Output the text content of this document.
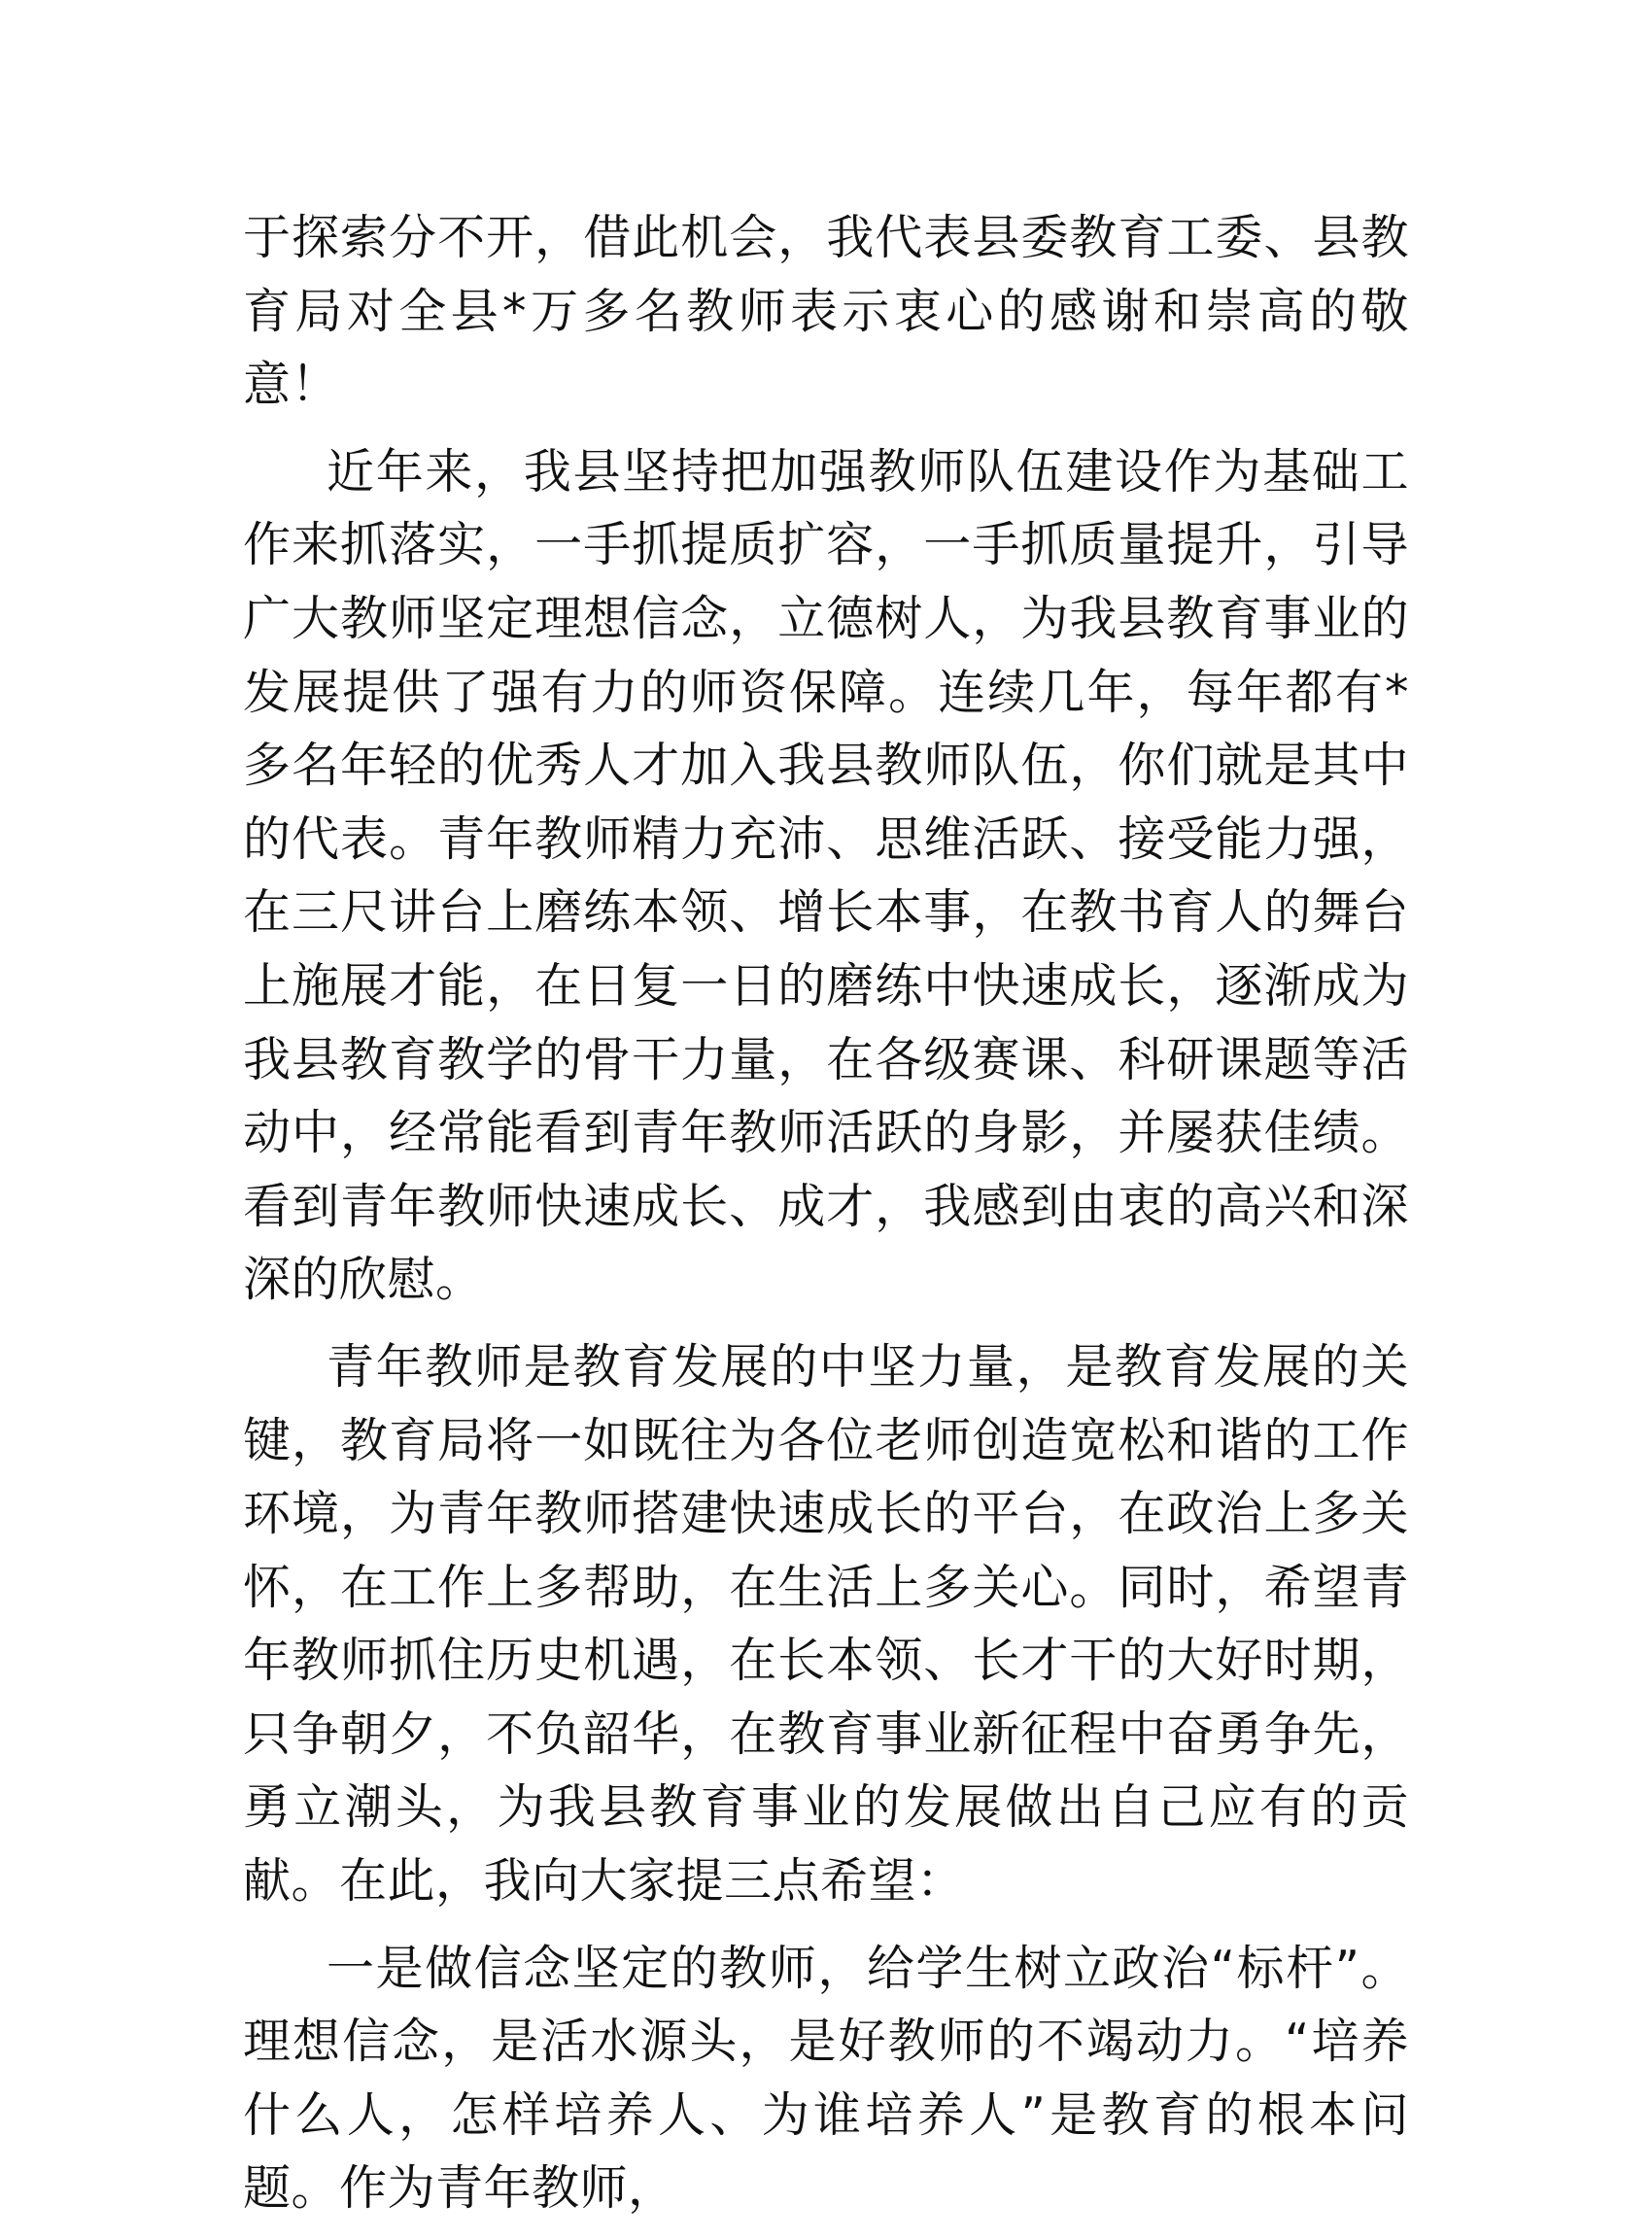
于探索分不开，借此机会，我代表县委教育工委、县教育局对全县*万多名教师表示衷心的感谢和崇高的敬意！

近年来，我县坚持把加强教师队伍建设作为基础工作来抓落实，一手抓提质扩容，一手抓质量提升，引导广大教师坚定理想信念，立德树人，为我县教育事业的发展提供了强有力的师资保障。连续几年，每年都有*多名年轻的优秀人才加入我县教师队伍，你们就是其中的代表。青年教师精力充沛、思维活跃、接受能力强，在三尺讲台上磨练本领、增长本事，在教书育人的舞台上施展才能，在日复一日的磨练中快速成长，逐渐成为我县教育教学的骨干力量，在各级赛课、科研课题等活动中，经常能看到青年教师活跃的身影，并屡获佳绩。看到青年教师快速成长、成才，我感到由衷的高兴和深深的欣慰。

青年教师是教育发展的中坚力量，是教育发展的关键，教育局将一如既往为各位老师创造宽松和谐的工作环境，为青年教师搭建快速成长的平台，在政治上多关怀，在工作上多帮助，在生活上多关心。同时，希望青年教师抓住历史机遇，在长本领、长才干的大好时期，只争朝夕，不负韶华，在教育事业新征程中奋勇争先，勇立潮头，为我县教育事业的发展做出自己应有的贡献。在此，我向大家提三点希望：

一是做信念坚定的教师，给学生树立政治“标杆”。理想信念，是活水源头，是好教师的不竭动力。“培养什么人，怎样培养人、为谁培养人”是教育的根本问题。作为青年教师，
